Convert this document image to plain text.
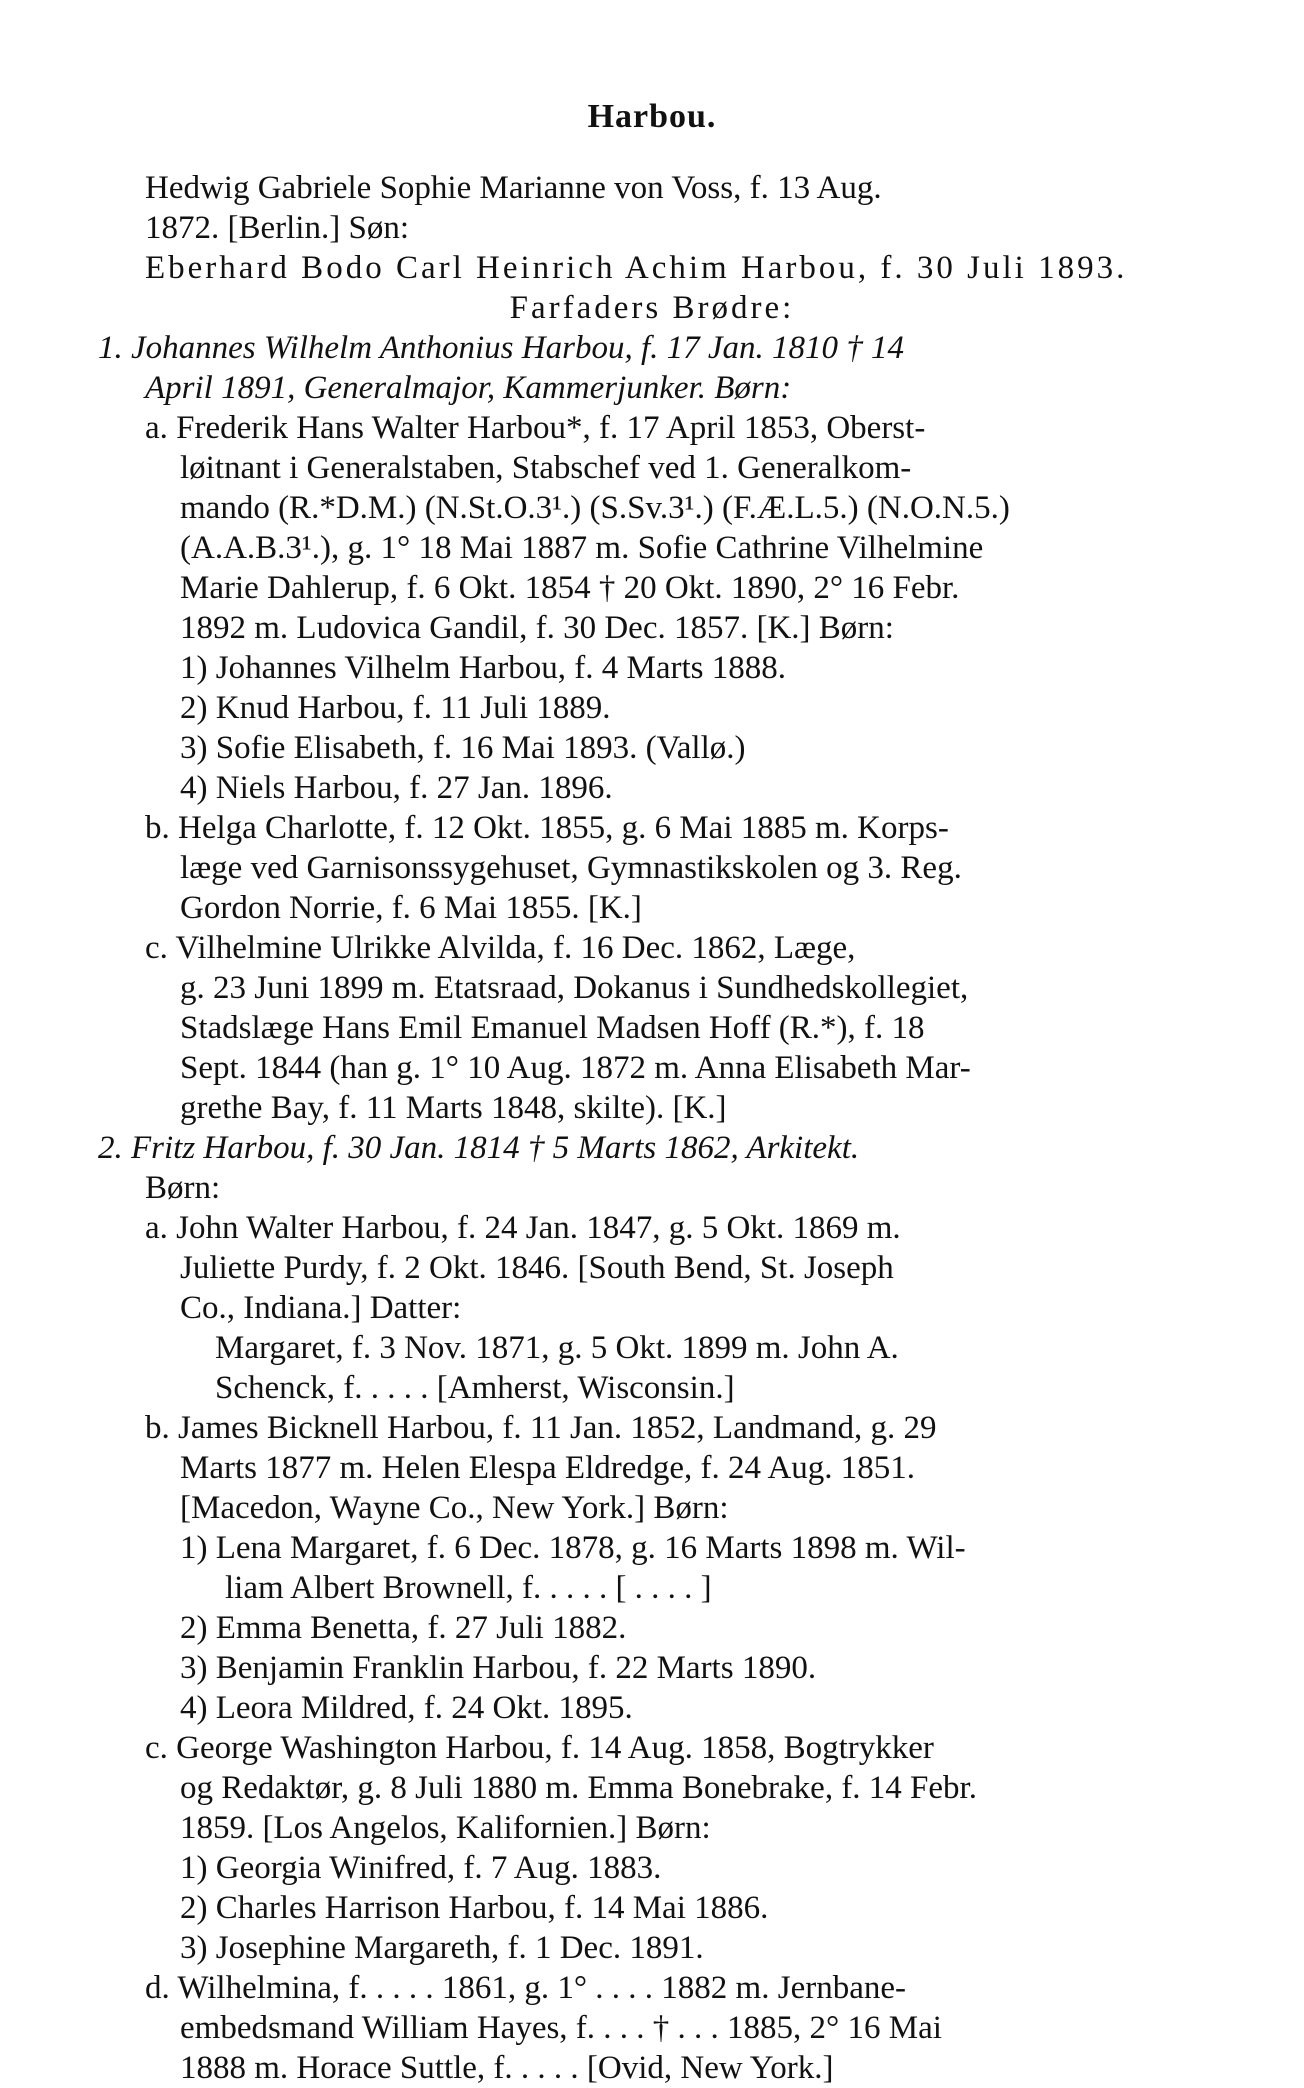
Harbou.
Hedwig Gabriele Sophie Marianne von Voss, f. 13 Aug.
1872. [Berlin.] Søn:
Eberhard Bodo Carl Heinrich Achim Harbou, f. 30 Juli 1893.
Farfaders Brødre:
1. Johannes Wilhelm Anthonius Harbou, f. 17 Jan. 1810 † 14
April 1891, Generalmajor, Kammerjunker. Børn:
a. Frederik Hans Walter Harbou*, f. 17 April 1853, Oberst-
løitnant i Generalstaben, Stabschef ved 1. Generalkom-
mando (R.*D.M.) (N.St.O.3¹.) (S.Sv.3¹.) (F.Æ.L.5.) (N.O.N.5.)
(A.A.B.3¹.), g. 1° 18 Mai 1887 m. Sofie Cathrine Vilhelmine
Marie Dahlerup, f. 6 Okt. 1854 † 20 Okt. 1890, 2° 16 Febr.
1892 m. Ludovica Gandil, f. 30 Dec. 1857. [K.] Børn:
1) Johannes Vilhelm Harbou, f. 4 Marts 1888.
2) Knud Harbou, f. 11 Juli 1889.
3) Sofie Elisabeth, f. 16 Mai 1893. (Vallø.)
4) Niels Harbou, f. 27 Jan. 1896.
b. Helga Charlotte, f. 12 Okt. 1855, g. 6 Mai 1885 m. Korps-
læge ved Garnisonssygehuset, Gymnastikskolen og 3. Reg.
Gordon Norrie, f. 6 Mai 1855. [K.]
c. Vilhelmine Ulrikke Alvilda, f. 16 Dec. 1862, Læge,
g. 23 Juni 1899 m. Etatsraad, Dokanus i Sundhedskollegiet,
Stadslæge Hans Emil Emanuel Madsen Hoff (R.*), f. 18
Sept. 1844 (han g. 1° 10 Aug. 1872 m. Anna Elisabeth Mar-
grethe Bay, f. 11 Marts 1848, skilte). [K.]
2. Fritz Harbou, f. 30 Jan. 1814 † 5 Marts 1862, Arkitekt.
Børn:
a. John Walter Harbou, f. 24 Jan. 1847, g. 5 Okt. 1869 m.
Juliette Purdy, f. 2 Okt. 1846. [South Bend, St. Joseph
Co., Indiana.] Datter:
Margaret, f. 3 Nov. 1871, g. 5 Okt. 1899 m. John A.
Schenck, f. . . . . [Amherst, Wisconsin.]
b. James Bicknell Harbou, f. 11 Jan. 1852, Landmand, g. 29
Marts 1877 m. Helen Elespa Eldredge, f. 24 Aug. 1851.
[Macedon, Wayne Co., New York.] Børn:
1) Lena Margaret, f. 6 Dec. 1878, g. 16 Marts 1898 m. Wil-
liam Albert Brownell, f. . . . . [ . . . . ]
2) Emma Benetta, f. 27 Juli 1882.
3) Benjamin Franklin Harbou, f. 22 Marts 1890.
4) Leora Mildred, f. 24 Okt. 1895.
c. George Washington Harbou, f. 14 Aug. 1858, Bogtrykker
og Redaktør, g. 8 Juli 1880 m. Emma Bonebrake, f. 14 Febr.
1859. [Los Angelos, Kalifornien.] Børn:
1) Georgia Winifred, f. 7 Aug. 1883.
2) Charles Harrison Harbou, f. 14 Mai 1886.
3) Josephine Margareth, f. 1 Dec. 1891.
d. Wilhelmina, f. . . . . 1861, g. 1° . . . . 1882 m. Jernbane-
embedsmand William Hayes, f. . . . † . . . 1885, 2° 16 Mai
1888 m. Horace Suttle, f. . . . . [Ovid, New York.]
